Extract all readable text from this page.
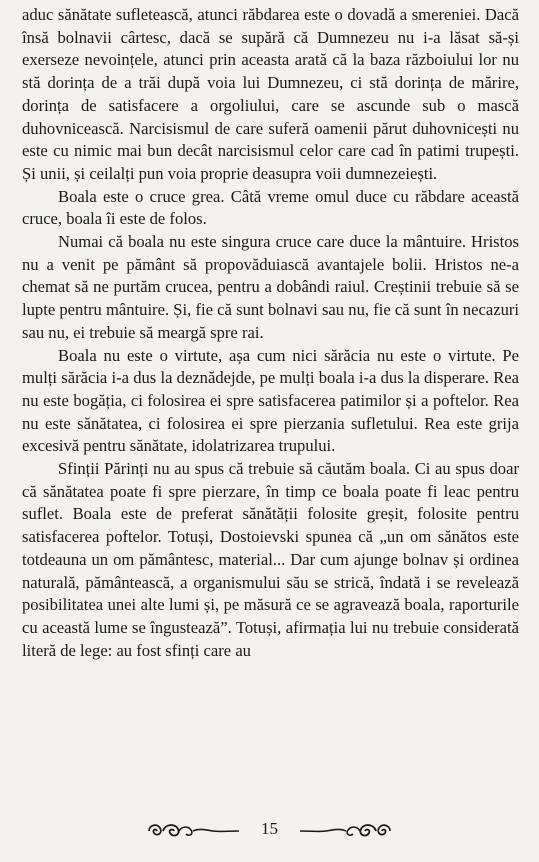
aduc sănătate sufletească, atunci răbdarea este o dovadă a smereniei. Dacă însă bolnavii cârtesc, dacă se supără că Dumnezeu nu i-a lăsat să-și exerseze nevoințele, atunci prin aceasta arată că la baza războiului lor nu stă dorința de a trăi după voia lui Dumnezeu, ci stă dorința de mărire, dorința de satisfacere a orgoliului, care se ascunde sub o mască duhovnicească. Narcisismul de care suferă oamenii părut duhovnicești nu este cu nimic mai bun decât narcisismul celor care cad în patimi trupești. Și unii, și ceilalți pun voia proprie deasupra voii dumnezeiești.

Boala este o cruce grea. Câtă vreme omul duce cu răbdare această cruce, boala îi este de folos.

Numai că boala nu este singura cruce care duce la mântuire. Hristos nu a venit pe pământ să propovăduiască avantajele bolii. Hristos ne-a chemat să ne purtăm crucea, pentru a dobândi raiul. Creștinii trebuie să se lupte pentru mântuire. Și, fie că sunt bolnavi sau nu, fie că sunt în necazuri sau nu, ei trebuie să meargă spre rai.

Boala nu este o virtute, așa cum nici sărăcia nu este o virtute. Pe mulți sărăcia i-a dus la deznădejde, pe mulți boala i-a dus la disperare. Rea nu este bogăția, ci folosirea ei spre satisfacerea patimilor și a poftelor. Rea nu este sănătatea, ci folosirea ei spre pierzania sufletului. Rea este grija excesivă pentru sănătate, idolatrizarea trupului.

Sfinții Părinți nu au spus că trebuie să căutăm boala. Ci au spus doar că sănătatea poate fi spre pierzare, în timp ce boala poate fi leac pentru suflet. Boala este de preferat sănătății folosite greșit, folosite pentru satisfacerea poftelor. Totuși, Dostoievski spunea că „un om sănătos este totdeauna un om pământesc, material... Dar cum ajunge bolnav și ordinea naturală, pământească, a organismului său se strică, îndată i se revelează posibilitatea unei alte lumi și, pe măsură ce se agravează boala, raporturile cu această lume se îngustează”. Totuși, afirmația lui nu trebuie considerată literă de lege: au fost sfinți care au

15
